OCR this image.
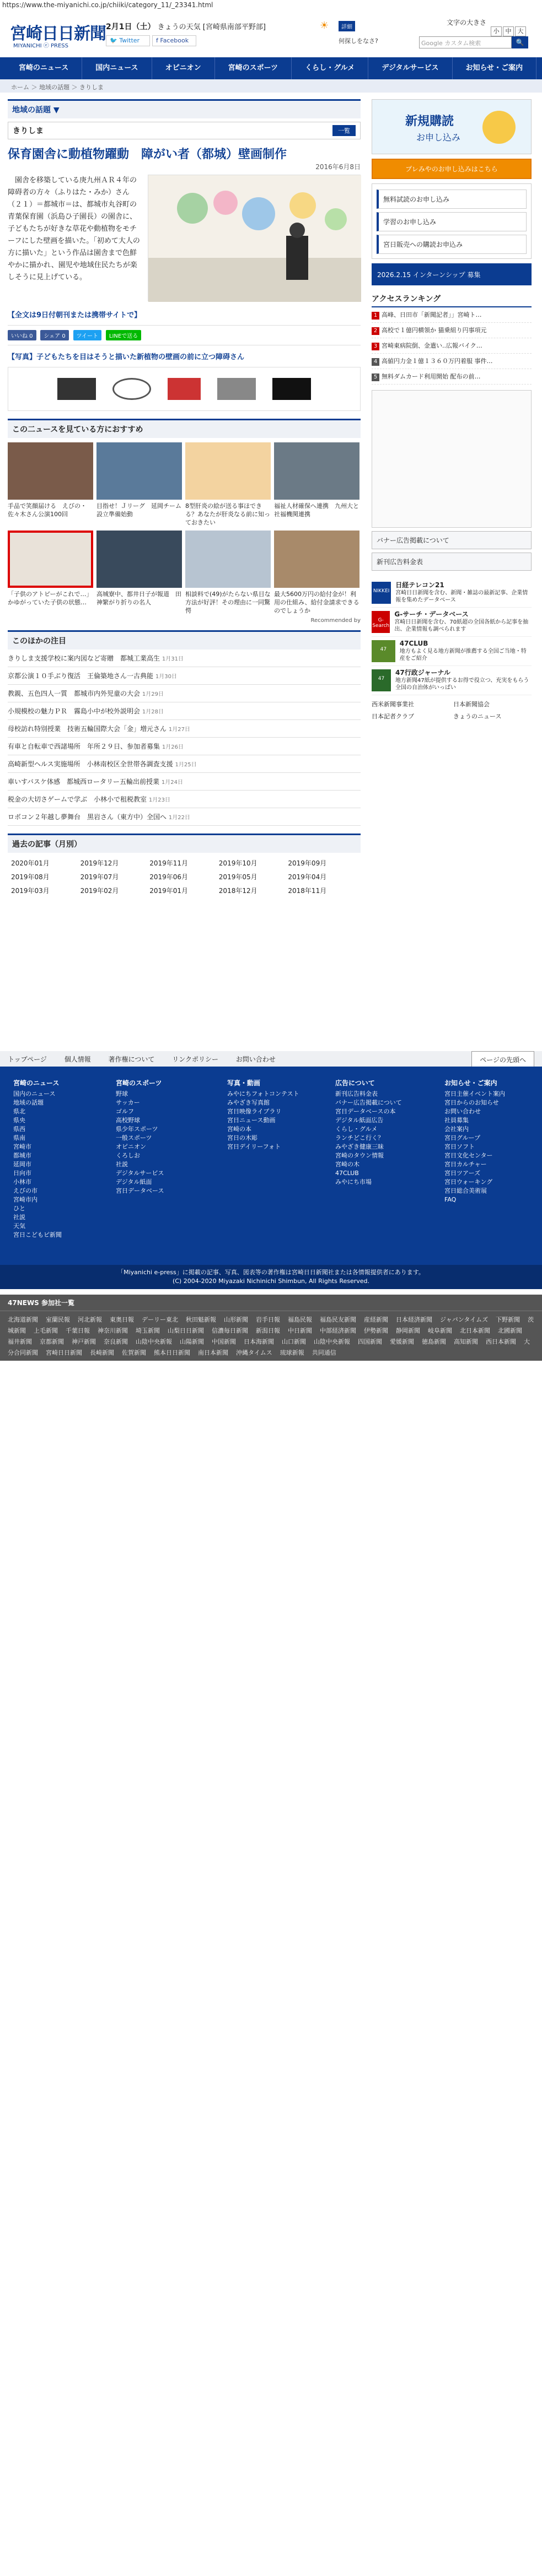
https://www.the-miyanichi.co.jp/chiiki/category_11/_23341.html
宮崎日日新聞
MIYANICHI ⓔ PRESS
2月1日（土） きょうの天気 [宮崎県南部平野部]	☀	詳細
🐦 Twitter	f Facebook
文字の大きさ
小	中	大
何探しをなさ?	Google カスタム検索	🔍
宮崎のニュース	国内ニュース	オピニオン	宮崎のスポーツ	くらし・グルメ	デジタルサービス	お知らせ・ご案内
ホーム ＞ 地域の話題 ＞ きりしま
地域の話題 ▼
きりしま	一覧
保育園舎に動植物躍動　障がい者（都城）壁画制作
2016年6月8日
　園舎を移築している庚九州ＡＲ４年の障碍者の方々（ふりはた・みか）さん（２１）＝都城市＝は、都城市丸谷町の青葉保育園（浜島ひ子園長）の園舎に、子どもたちが好きな草花や動植物をモチーフにした壁画を描いた。「初めて大人の方に描いた」という作品は園舎まで色鮮やかに描かれ、園児や地域住民たちが楽しそうに見上げている。
【全文は9日付朝刊または携帯サイトで】
いいね 0 シェア 0 ツイート LINEで送る
【写真】子どもたちを目はそうと描いた新植物の壁画の前に立つ障碍さん
この二ュースを見ている方におすすめ
手品で笑顔届ける　えびの・佐々木さん公演100回
目指せ！Ｊリーグ　延岡チーム設立準備始動
8型肝炎の絵が送る事ほできる？あなたが肝炎なる前に知っておきたい
福祉人材確保へ連携　九州大と社福機関連携
「子供のアトピーがこれで…」かゆがっていた子供の状態…
高城寮中、都井日子が報道　田神繁がり折りの名人
相談料で(49)がたらない県目な方法が好評！その理由に一同驚愕
最大5600万円の給付金が！利用の仕組み、給付金請求できるのでしょうか
Recommended by
このほかの注目
きりしま支援学校に案内図など寄贈　都城工業高生 1月31日
京都公演１０手ぶり復活　王倫築地さん一古典能 1月30日
教親、五色四人一質　都城市内外児童の大会 1月29日
小規模校の魅力ＰＲ　霧島小中が校外説明会 1月28日
母校訪れ特別授業　技術五輪国際大会「金」増元さん 1月27日
有車と自転車で西諸場所　年所２９日、参加者募集 1月26日
高崎新型ヘルス実施場所　小林南校区全世帯各調査支援 1月25日
車いすバスケ体感　都城西ロータリー五輪出前授業 1月24日
税金の大切さゲームで学ぶ　小林小で租税教室 1月23日
ロボコン２年越し夢舞台　黒岩さん（東方中）全国へ 1月22日
過去の記事（月別）
2020年01月	2019年12月	2019年11月	2019年10月	2019年09月
2019年08月	2019年07月	2019年06月	2019年05月	2019年04月
2019年03月	2019年02月	2019年01月	2018年12月	2018年11月
新規購読
お申し込み
プレみやのお申し込みはこちら
無料試読のお申し込み
学習のお申し込み
宮日販売への購読お申込み
2026.2.15 インターンシップ 募集
アクセスランキング
1 高峰、日田市「新聞記者」」宮崎ト…
2 高校で１億円横領か 猫乗組り円事項元
3 宮崎東病院倒、金遣い..広報バイク…
4 高値円力金１億１３６０万円着服 事件…
5 無料ダムカード利用開始 配布の前…
バナー広告掲載について
新刊広告料金表
NIKKEI
日経テレコン21
宮崎日日新聞を含む、新聞・雑誌の最新記事、企業情報を集めたデータベース
G-Search
G-サーチ・データベース
宮崎日日新聞を含む、70紙超の全国各紙から記事を抽出、企業情報も調べられます
47
47CLUB
地方もよく見る地方新聞が推薦する全国ご当地・特産をご紹介
47
47行政ジャーナル
地方新聞47紙が提供するお得で役立つ、充実をもらう全国の自治体がいっぱい
西米新聞事業社	日本新聞協会
日本記者クラブ	きょうのニュース
トップページ	個人情報	著作権について	リンクポリシー	お問い合わせ	ページの先頭へ
宮崎のニュース
国内のニュース
地域の話題
県北
県央
県西
県南
宮崎市
都城市
延岡市
日向市
小林市
えびの市
宮崎市内
ひと
社説
天気
宮日こどもピ新聞
宮崎のスポーツ
野球
サッカー
ゴルフ
高校野球
県少年スポーツ
一般スポーツ
オピニオン
くろしお
社説
デジタルサービス
デジタル紙面
宮日データベース
写真・動画
みやにちフォトコンテスト
みやざき写真館
宮日映像ライブラリ
宮日ニュース動画
宮崎の本
宮日の木彫
宮日デイリーフォト
広告について
新刊広告料金表
バナー広告掲載について
宮日データベースの本
デジタル紙面広告
くらし・グルメ
ランチどこ行く？
みやざき健康三昧
宮崎のタウン情報
宮崎の木
47CLUB
みやにち市場
お知らせ・ご案内
宮日主催イベント案内
宮日からのお知らせ
お問い合わせ
社員募集
会社案内
宮日グループ
宮日ソフト
宮日文化センター
宮日カルチャー
宮日ツアーズ
宮日ウォーキング
宮日総合美術展
FAQ
「Miyanichi e-press」に掲載の記事、写真、図表等の著作権は宮崎日日新聞社または各情報提供者にあります。
(C) 2004-2020 Miyazaki Nichinichi Shimbun, All Rights Reserved.
47NEWS 参加社一覧
北海道新聞 室蘭民報 河北新報 東奥日報 デーリー東北 秋田魁新報 山形新聞 岩手日報 福島民報 福島民友新聞 産経新聞 日本経済新聞 ジャパンタイムズ 下野新聞 茨城新聞 上毛新聞 千葉日報 神奈川新聞 埼玉新聞 山梨日日新聞 信濃毎日新聞 新潟日報 中日新聞 中部経済新聞 伊勢新聞 静岡新聞 岐阜新聞 北日本新聞 北國新聞福井新聞 京都新聞 神戸新聞 奈良新聞 山陰中央新報 山陽新聞 中国新聞 日本海新聞 山口新聞 山陰中央新報 四国新聞 愛媛新聞 徳島新聞 高知新聞 西日本新聞 大分合同新聞 宮崎日日新聞 長崎新聞 佐賀新聞 熊本日日新聞 南日本新聞 沖縄タイムス 琉球新報 共同通信
